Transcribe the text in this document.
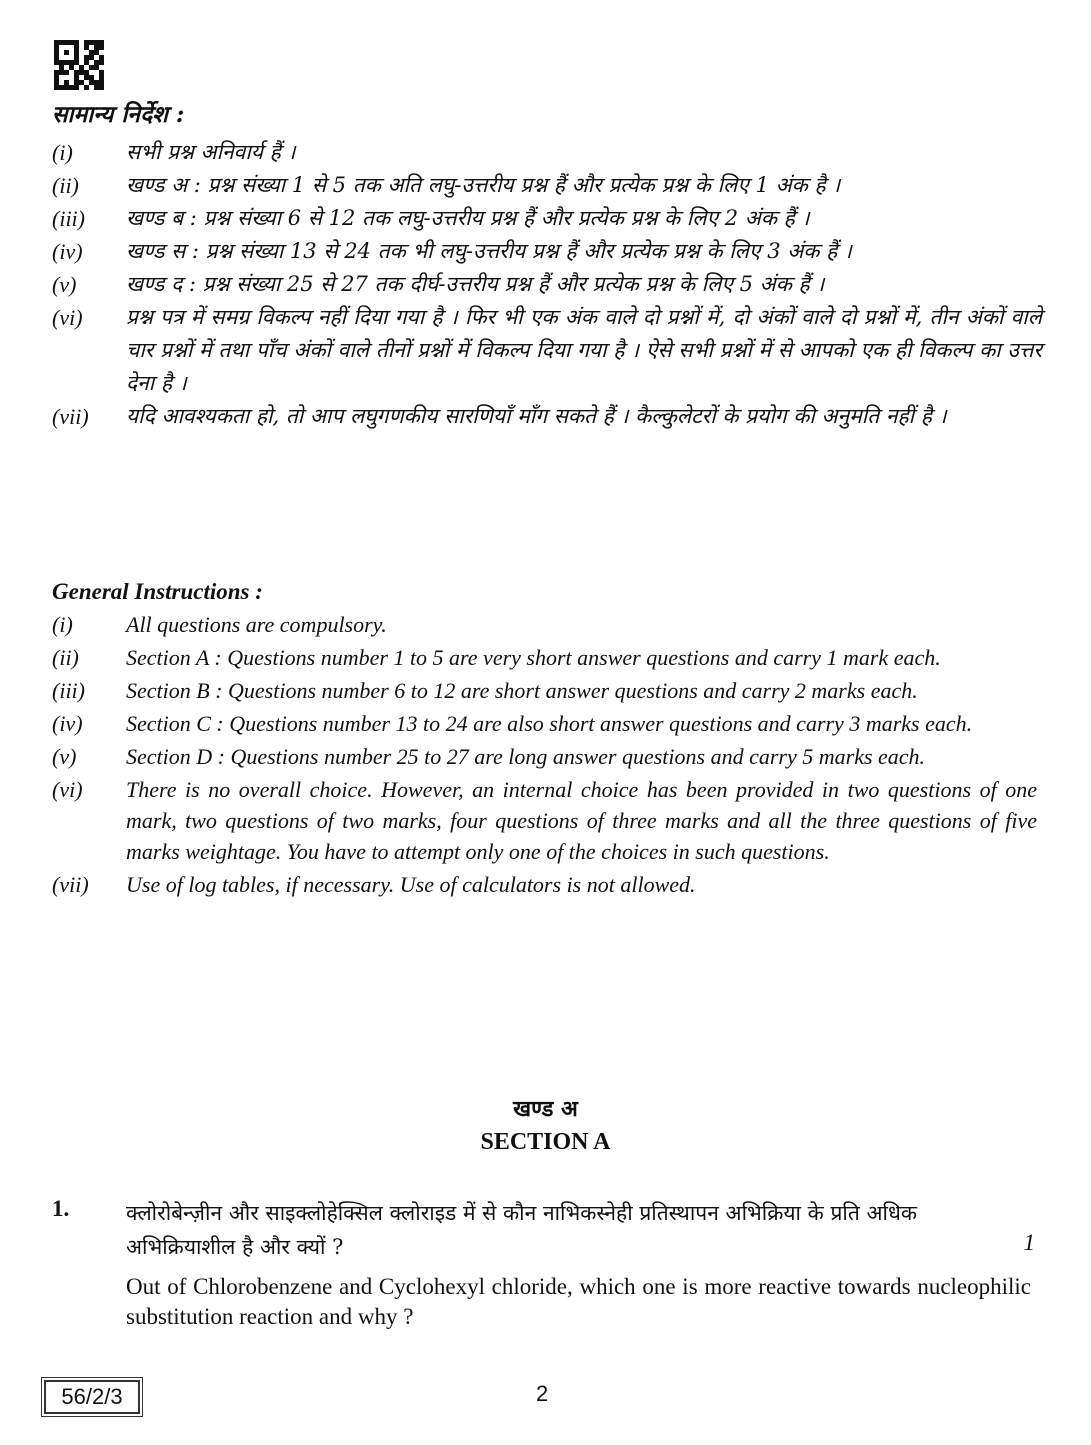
सामान्य निर्देश :
(i)	सभी प्रश्न अनिवार्य हैं ।
(ii)	खण्ड अ : प्रश्न संख्या 1 से 5 तक अति लघु-उत्तरीय प्रश्न हैं और प्रत्येक प्रश्न के लिए 1 अंक है ।
(iii)	खण्ड ब : प्रश्न संख्या 6 से 12 तक लघु-उत्तरीय प्रश्न हैं और प्रत्येक प्रश्न के लिए 2 अंक हैं ।
(iv)	खण्ड स : प्रश्न संख्या 13 से 24 तक भी लघु-उत्तरीय प्रश्न हैं और प्रत्येक प्रश्न के लिए 3 अंक हैं ।
(v)	खण्ड द : प्रश्न संख्या 25 से 27 तक दीर्घ-उत्तरीय प्रश्न हैं और प्रत्येक प्रश्न के लिए 5 अंक हैं ।
(vi)	प्रश्न पत्र में समग्र विकल्प नहीं दिया गया है । फिर भी एक अंक वाले दो प्रश्नों में, दो अंकों वाले दो प्रश्नों में, तीन अंकों वाले चार प्रश्नों में तथा पाँच अंकों वाले तीनों प्रश्नों में विकल्प दिया गया है । ऐसे सभी प्रश्नों में से आपको एक ही विकल्प का उत्तर देना है ।
(vii)	यदि आवश्यकता हो, तो आप लघुगणकीय सारणियाँ माँग सकते हैं । कैल्कुलेटरों के प्रयोग की अनुमति नहीं है ।
General Instructions :
(i)	All questions are compulsory.
(ii)	Section A : Questions number 1 to 5 are very short answer questions and carry 1 mark each.
(iii)	Section B : Questions number 6 to 12 are short answer questions and carry 2 marks each.
(iv)	Section C : Questions number 13 to 24 are also short answer questions and carry 3 marks each.
(v)	Section D : Questions number 25 to 27 are long answer questions and carry 5 marks each.
(vi)	There is no overall choice. However, an internal choice has been provided in two questions of one mark, two questions of two marks, four questions of three marks and all the three questions of five marks weightage. You have to attempt only one of the choices in such questions.
(vii)	Use of log tables, if necessary. Use of calculators is not allowed.
खण्ड अ
SECTION A
1.	क्लोरोबेन्ज़ीन और साइक्लोहेक्सिल क्लोराइड में से कौन नाभिकस्नेही प्रतिस्थापन अभिक्रिया के प्रति अधिक अभिक्रियाशील है और क्यों ?	1
Out of Chlorobenzene and Cyclohexyl chloride, which one is more reactive towards nucleophilic substitution reaction and why ?
56/2/3	2
